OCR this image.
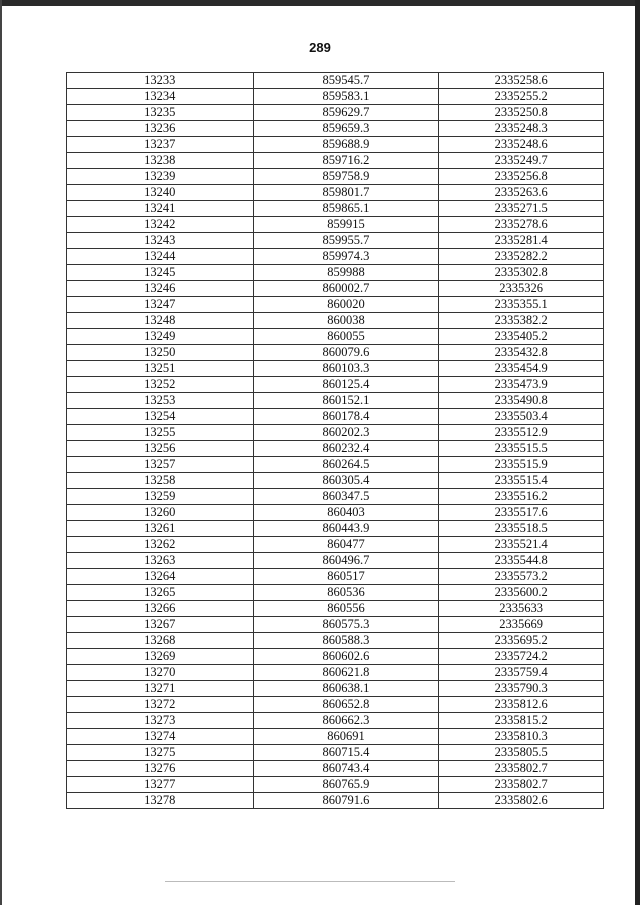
289
13233	859545.7	2335258.6
13234	859583.1	2335255.2
13235	859629.7	2335250.8
13236	859659.3	2335248.3
13237	859688.9	2335248.6
13238	859716.2	2335249.7
13239	859758.9	2335256.8
13240	859801.7	2335263.6
13241	859865.1	2335271.5
13242	859915	2335278.6
13243	859955.7	2335281.4
13244	859974.3	2335282.2
13245	859988	2335302.8
13246	860002.7	2335326
13247	860020	2335355.1
13248	860038	2335382.2
13249	860055	2335405.2
13250	860079.6	2335432.8
13251	860103.3	2335454.9
13252	860125.4	2335473.9
13253	860152.1	2335490.8
13254	860178.4	2335503.4
13255	860202.3	2335512.9
13256	860232.4	2335515.5
13257	860264.5	2335515.9
13258	860305.4	2335515.4
13259	860347.5	2335516.2
13260	860403	2335517.6
13261	860443.9	2335518.5
13262	860477	2335521.4
13263	860496.7	2335544.8
13264	860517	2335573.2
13265	860536	2335600.2
13266	860556	2335633
13267	860575.3	2335669
13268	860588.3	2335695.2
13269	860602.6	2335724.2
13270	860621.8	2335759.4
13271	860638.1	2335790.3
13272	860652.8	2335812.6
13273	860662.3	2335815.2
13274	860691	2335810.3
13275	860715.4	2335805.5
13276	860743.4	2335802.7
13277	860765.9	2335802.7
13278	860791.6	2335802.6
